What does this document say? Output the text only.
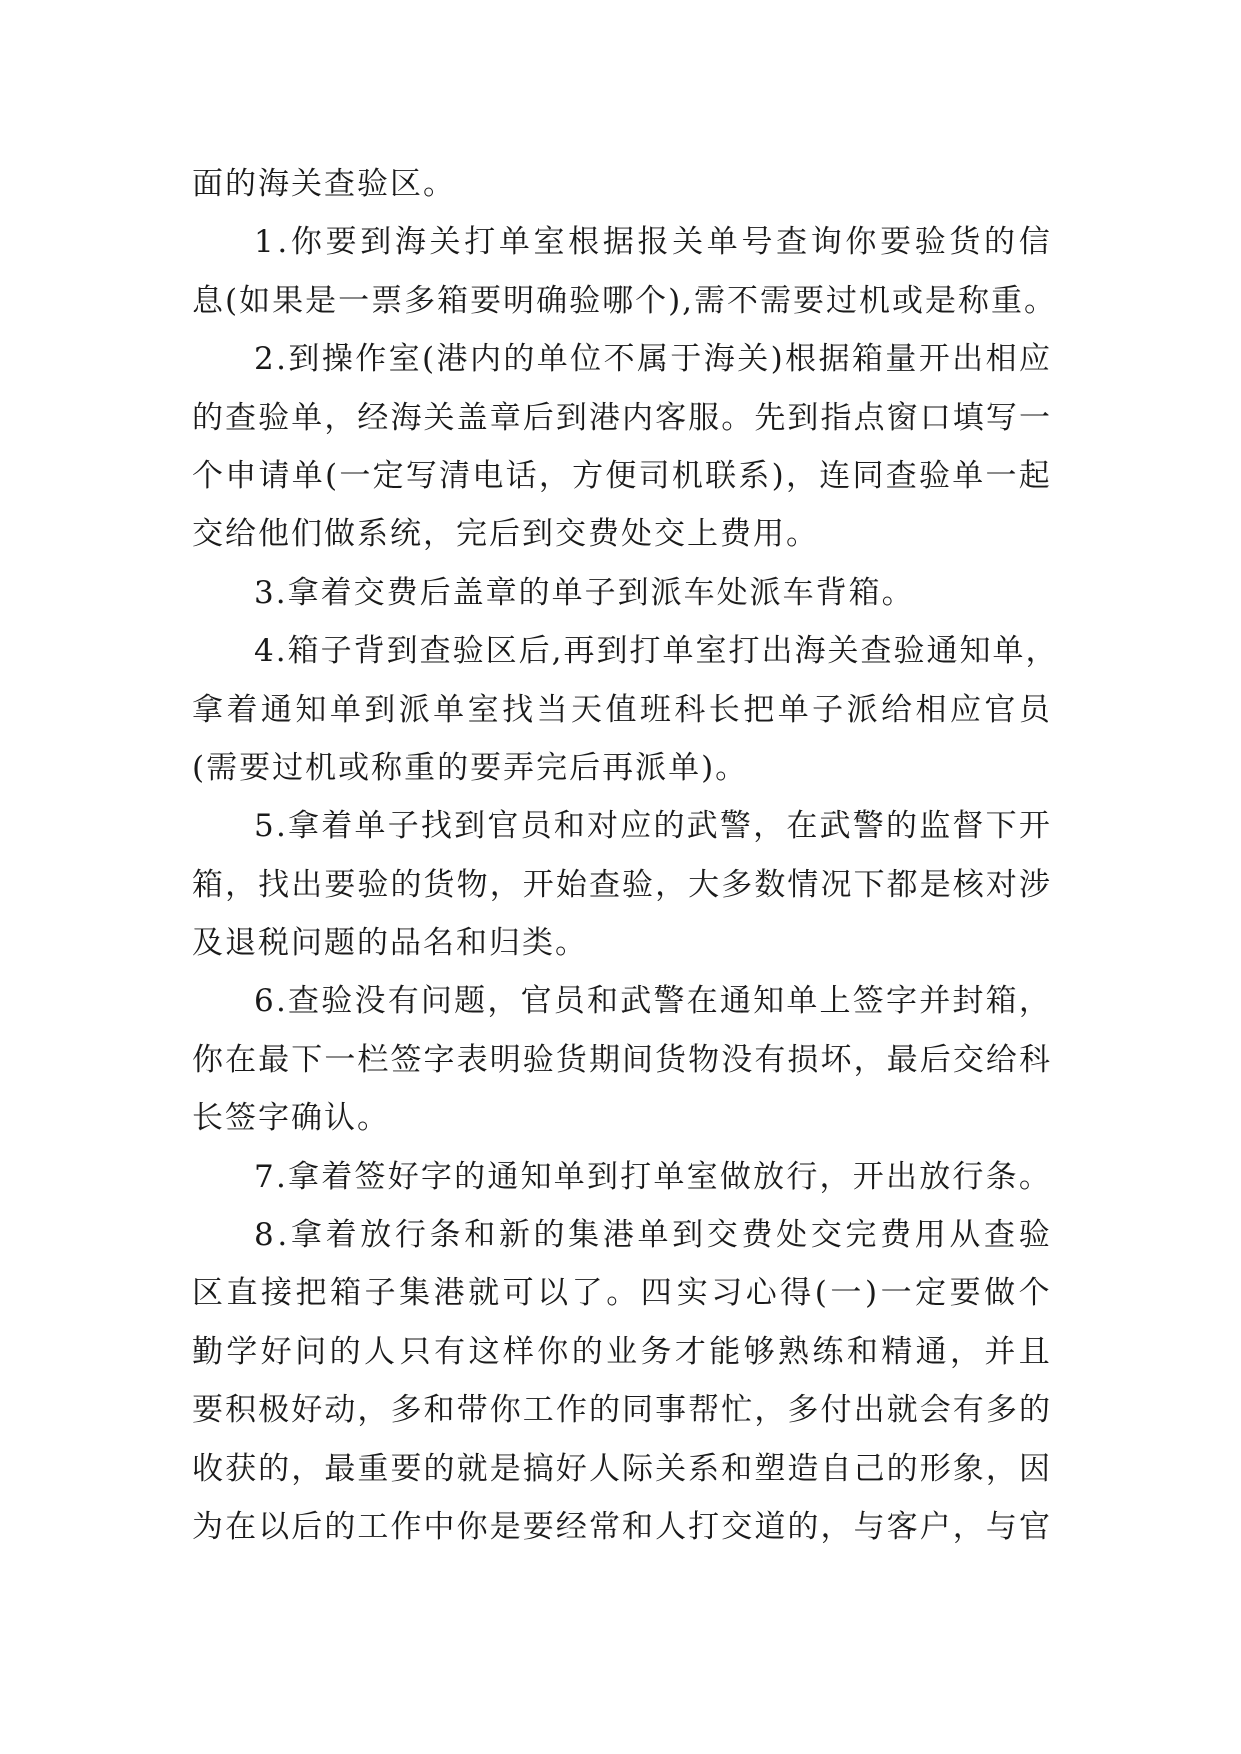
面的海关查验区。
1 . 你 要 到 海 关 打 单 室 根 据 报 关 单 号 查 询 你 要 验 货 的 信
息(如果是一票多箱要明确验哪个),需不需要过机或是称重。
2 . 到 操 作 室 ( 港 内 的 单 位 不 属 于 海 关 ) 根 据 箱 量 开 出 相 应
的 查 验 单 ， 经 海 关 盖 章 后 到 港 内 客 服 。 先 到 指 点 窗 口 填 写 一
个 申 请 单 ( 一 定 写 清 电 话 ， 方 便 司 机 联 系 ) ， 连 同 查 验 单 一 起
交给他们做系统，完后到交费处交上费用。
3.拿着交费后盖章的单子到派车处派车背箱。
4 . 箱 子 背 到 查 验 区 后 , 再 到 打 单 室 打 出 海 关 查 验 通 知 单 ，
拿 着 通 知 单 到 派 单 室 找 当 天 值 班 科 长 把 单 子 派 给 相 应 官 员
(需要过机或称重的要弄完后再派单)。
5 . 拿 着 单 子 找 到 官 员 和 对 应 的 武 警 ， 在 武 警 的 监 督 下 开
箱 ， 找 出 要 验 的 货 物 ， 开 始 查 验 ， 大 多 数 情 况 下 都 是 核 对 涉
及退税问题的品名和归类。
6 . 查 验 没 有 问 题 ， 官 员 和 武 警 在 通 知 单 上 签 字 并 封 箱 ，
你 在 最 下 一 栏 签 字 表 明 验 货 期 间 货 物 没 有 损 坏 ， 最 后 交 给 科
长签字确认。
7 . 拿 着 签 好 字 的 通 知 单 到 打 单 室 做 放 行 ， 开 出 放 行 条 。
8 . 拿 着 放 行 条 和 新 的 集 港 单 到 交 费 处 交 完 费 用 从 查 验
区 直 接 把 箱 子 集 港 就 可 以 了 。 四 实 习 心 得 ( 一 ) 一 定 要 做 个
勤 学 好 问 的 人 只 有 这 样 你 的 业 务 才 能 够 熟 练 和 精 通 ， 并 且
要 积 极 好 动 ， 多 和 带 你 工 作 的 同 事 帮 忙 ， 多 付 出 就 会 有 多 的
收 获 的 ， 最 重 要 的 就 是 搞 好 人 际 关 系 和 塑 造 自 己 的 形 象 ， 因
为 在 以 后 的 工 作 中 你 是 要 经 常 和 人 打 交 道 的 ， 与 客 户 ， 与 官
